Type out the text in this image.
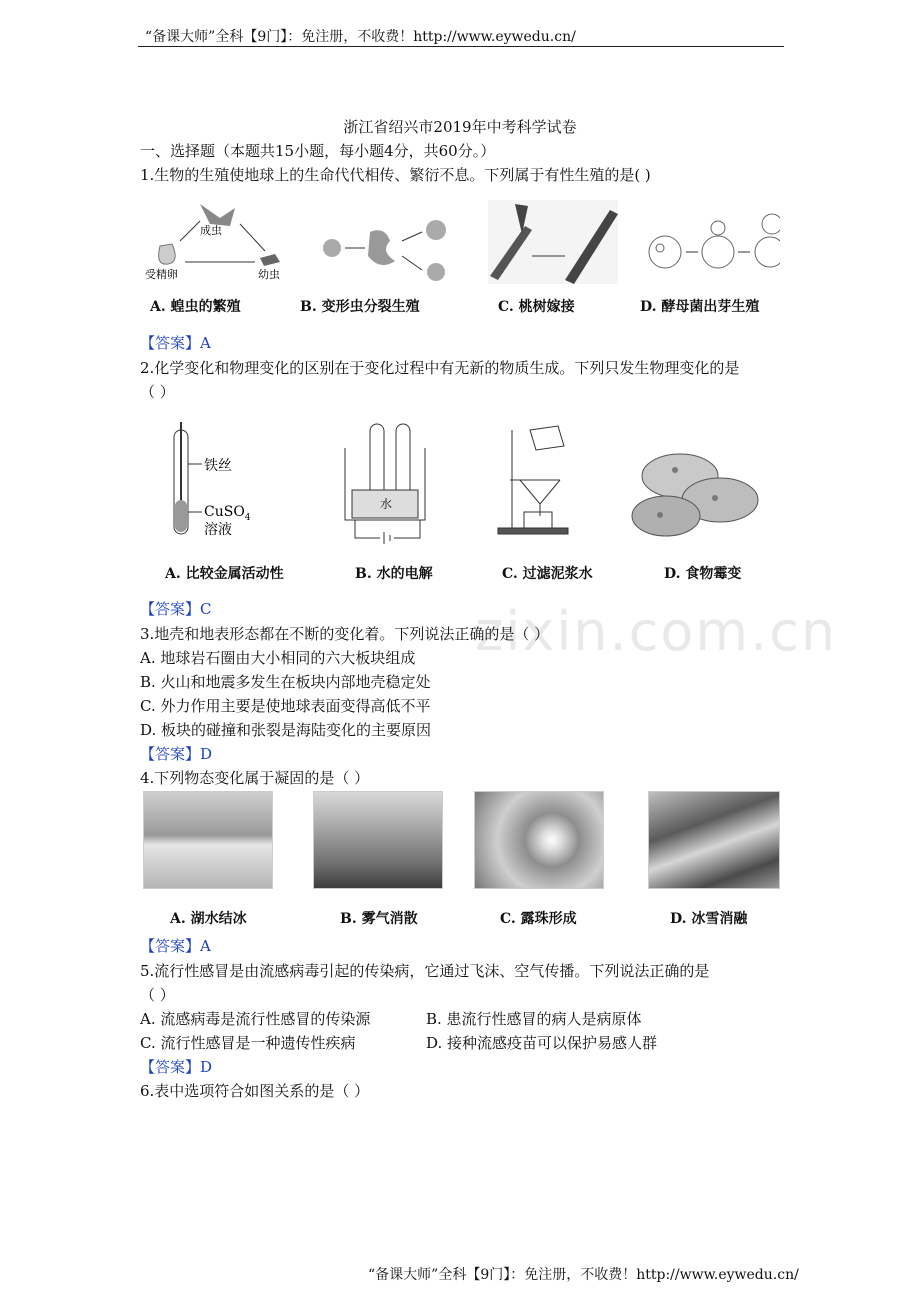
zixin.com.cn
“备课大师”全科【9门】：免注册，不收费！http://www.eywedu.cn/
浙江省绍兴市2019年中考科学试卷
一、选择题（本题共15小题，每小题4分，共60分。）
1.生物的生殖使地球上的生命代代相传、繁衍不息。下列属于有性生殖的是( )
成虫
受精卵	幼虫
A. 蝗虫的繁殖	B. 变形虫分裂生殖	C. 桃树嫁接	D. 酵母菌出芽生殖
【答案】A
2.化学变化和物理变化的区别在于变化过程中有无新的物质生成。下列只发生物理变化的是
（ ）
铁丝
CuSO$_4$
溶液
水
A. 比较金属活动性	B. 水的电解	C. 过滤泥浆水	D. 食物霉变
【答案】C
3.地壳和地表形态都在不断的变化着。下列说法正确的是（ ）
A. 地球岩石圈由大小相同的六大板块组成
B. 火山和地震多发生在板块内部地壳稳定处
C. 外力作用主要是使地球表面变得高低不平
D. 板块的碰撞和张裂是海陆变化的主要原因
【答案】D
4.下列物态变化属于凝固的是（ ）
A. 湖水结冰	B. 雾气消散	C. 露珠形成	D. 冰雪消融
【答案】A
5.流行性感冒是由流感病毒引起的传染病，它通过飞沫、空气传播。下列说法正确的是
（ ）
A. 流感病毒是流行性感冒的传染源	B. 患流行性感冒的病人是病原体
C. 流行性感冒是一种遗传性疾病	D. 接种流感疫苗可以保护易感人群
【答案】D
6.表中选项符合如图关系的是（ ）
“备课大师”全科【9门】：免注册，不收费！http://www.eywedu.cn/
